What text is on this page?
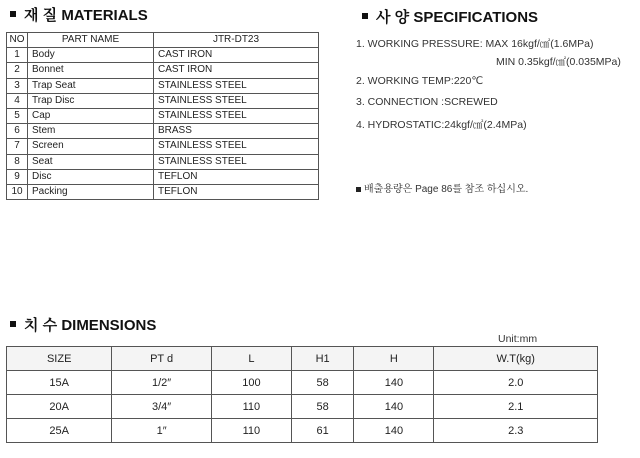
재 질 MATERIALS
NO	PART NAME	JTR-DT23
1	Body	CAST IRON
2	Bonnet	CAST IRON
3	Trap Seat	STAINLESS STEEL
4	Trap Disc	STAINLESS STEEL
5	Cap	STAINLESS STEEL
6	Stem	BRASS
7	Screen	STAINLESS STEEL
8	Seat	STAINLESS STEEL
9	Disc	TEFLON
10	Packing	TEFLON
사 양 SPECIFICATIONS
1. WORKING PRESSURE: MAX 16kgf/㎠(1.6MPa)
MIN 0.35kgf/㎠(0.035MPa)
2. WORKING TEMP:220℃
3. CONNECTION :SCREWED
4. HYDROSTATIC:24kgf/㎠(2.4MPa)
배출용량은 Page 86를 참조 하십시오.
치 수 DIMENSIONS
Unit:mm
SIZE	PT d	L	H1	H	W.T(kg)
15A	1/2″	100	58	140	2.0
20A	3/4″	110	58	140	2.1
25A	1″	110	61	140	2.3
